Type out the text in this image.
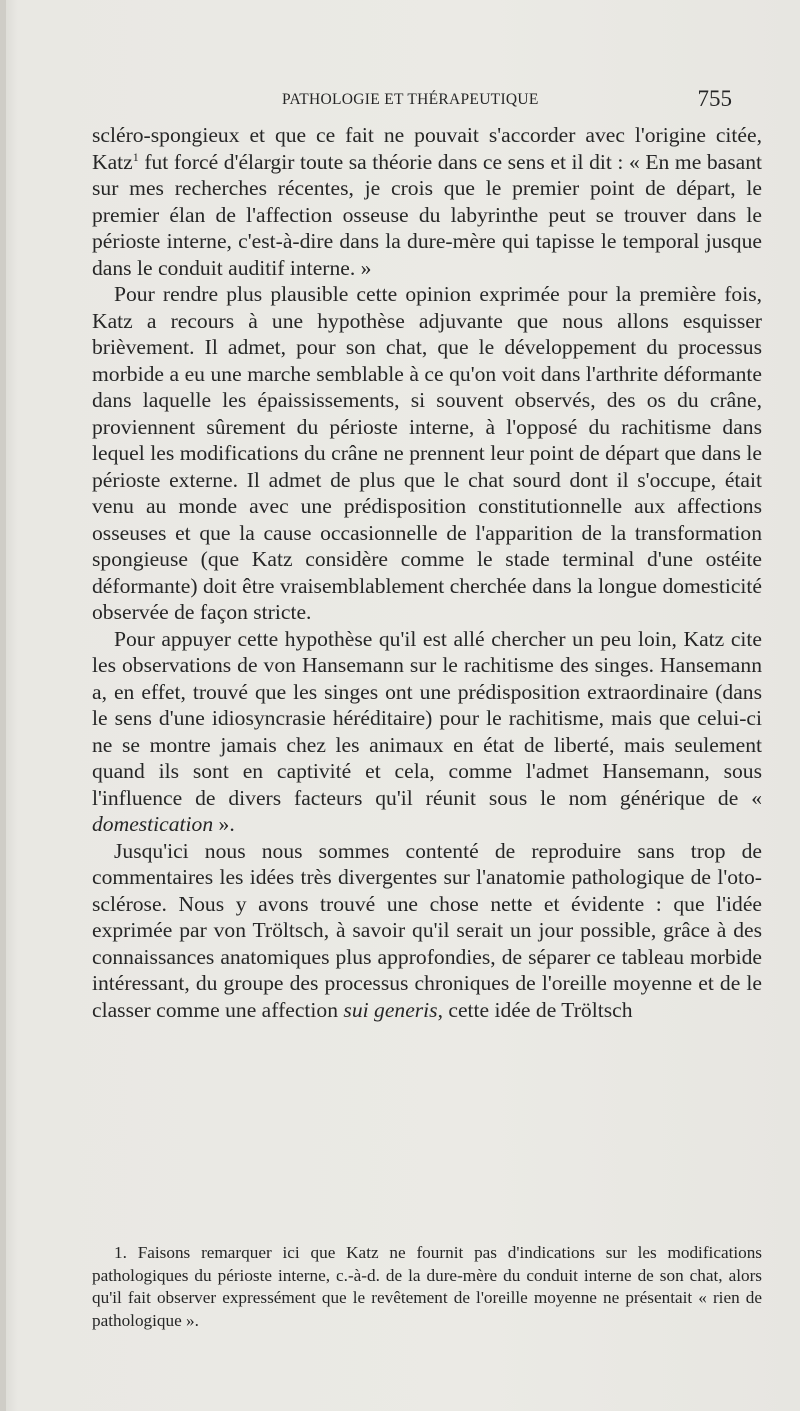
PATHOLOGIE ET THÉRAPEUTIQUE	755

scléro-spongieux et que ce fait ne pouvait s'accorder avec l'origine citée, Katz$^1$ fut forcé d'élargir toute sa théorie dans ce sens et il dit : « En me basant sur mes recherches récentes, je crois que le premier point de départ, le premier élan de l'affection osseuse du labyrinthe peut se trouver dans le périoste interne, c'est-à-dire dans la dure-mère qui tapisse le temporal jusque dans le conduit auditif interne. »

Pour rendre plus plausible cette opinion exprimée pour la première fois, Katz a recours à une hypothèse adjuvante que nous allons esquisser brièvement. Il admet, pour son chat, que le développement du processus morbide a eu une marche semblable à ce qu'on voit dans l'arthrite déformante dans laquelle les épaississements, si souvent observés, des os du crâne, proviennent sûrement du périoste interne, à l'opposé du rachitisme dans lequel les modifications du crâne ne prennent leur point de départ que dans le périoste externe. Il admet de plus que le chat sourd dont il s'occupe, était venu au monde avec une prédisposition constitutionnelle aux affections osseuses et que la cause occasionnelle de l'apparition de la transformation spongieuse (que Katz considère comme le stade terminal d'une ostéite déformante) doit être vraisemblablement cherchée dans la longue domesticité observée de façon stricte.

Pour appuyer cette hypothèse qu'il est allé chercher un peu loin, Katz cite les observations de von Hansemann sur le rachitisme des singes. Hansemann a, en effet, trouvé que les singes ont une prédisposition extraordinaire (dans le sens d'une idiosyncrasie héréditaire) pour le rachitisme, mais que celui-ci ne se montre jamais chez les animaux en état de liberté, mais seulement quand ils sont en captivité et cela, comme l'admet Hansemann, sous l'influence de divers facteurs qu'il réunit sous le nom générique de « domestication ».

Jusqu'ici nous nous sommes contenté de reproduire sans trop de commentaires les idées très divergentes sur l'anatomie pathologique de l'oto-sclérose. Nous y avons trouvé une chose nette et évidente : que l'idée exprimée par von Tröltsch, à savoir qu'il serait un jour possible, grâce à des connaissances anatomiques plus approfondies, de séparer ce tableau morbide intéressant, du groupe des processus chroniques de l'oreille moyenne et de le classer comme une affection sui generis, cette idée de Tröltsch

1. Faisons remarquer ici que Katz ne fournit pas d'indications sur les modifications pathologiques du périoste interne, c.-à-d. de la dure-mère du conduit interne de son chat, alors qu'il fait observer expressément que le revêtement de l'oreille moyenne ne présentait « rien de pathologique ».
